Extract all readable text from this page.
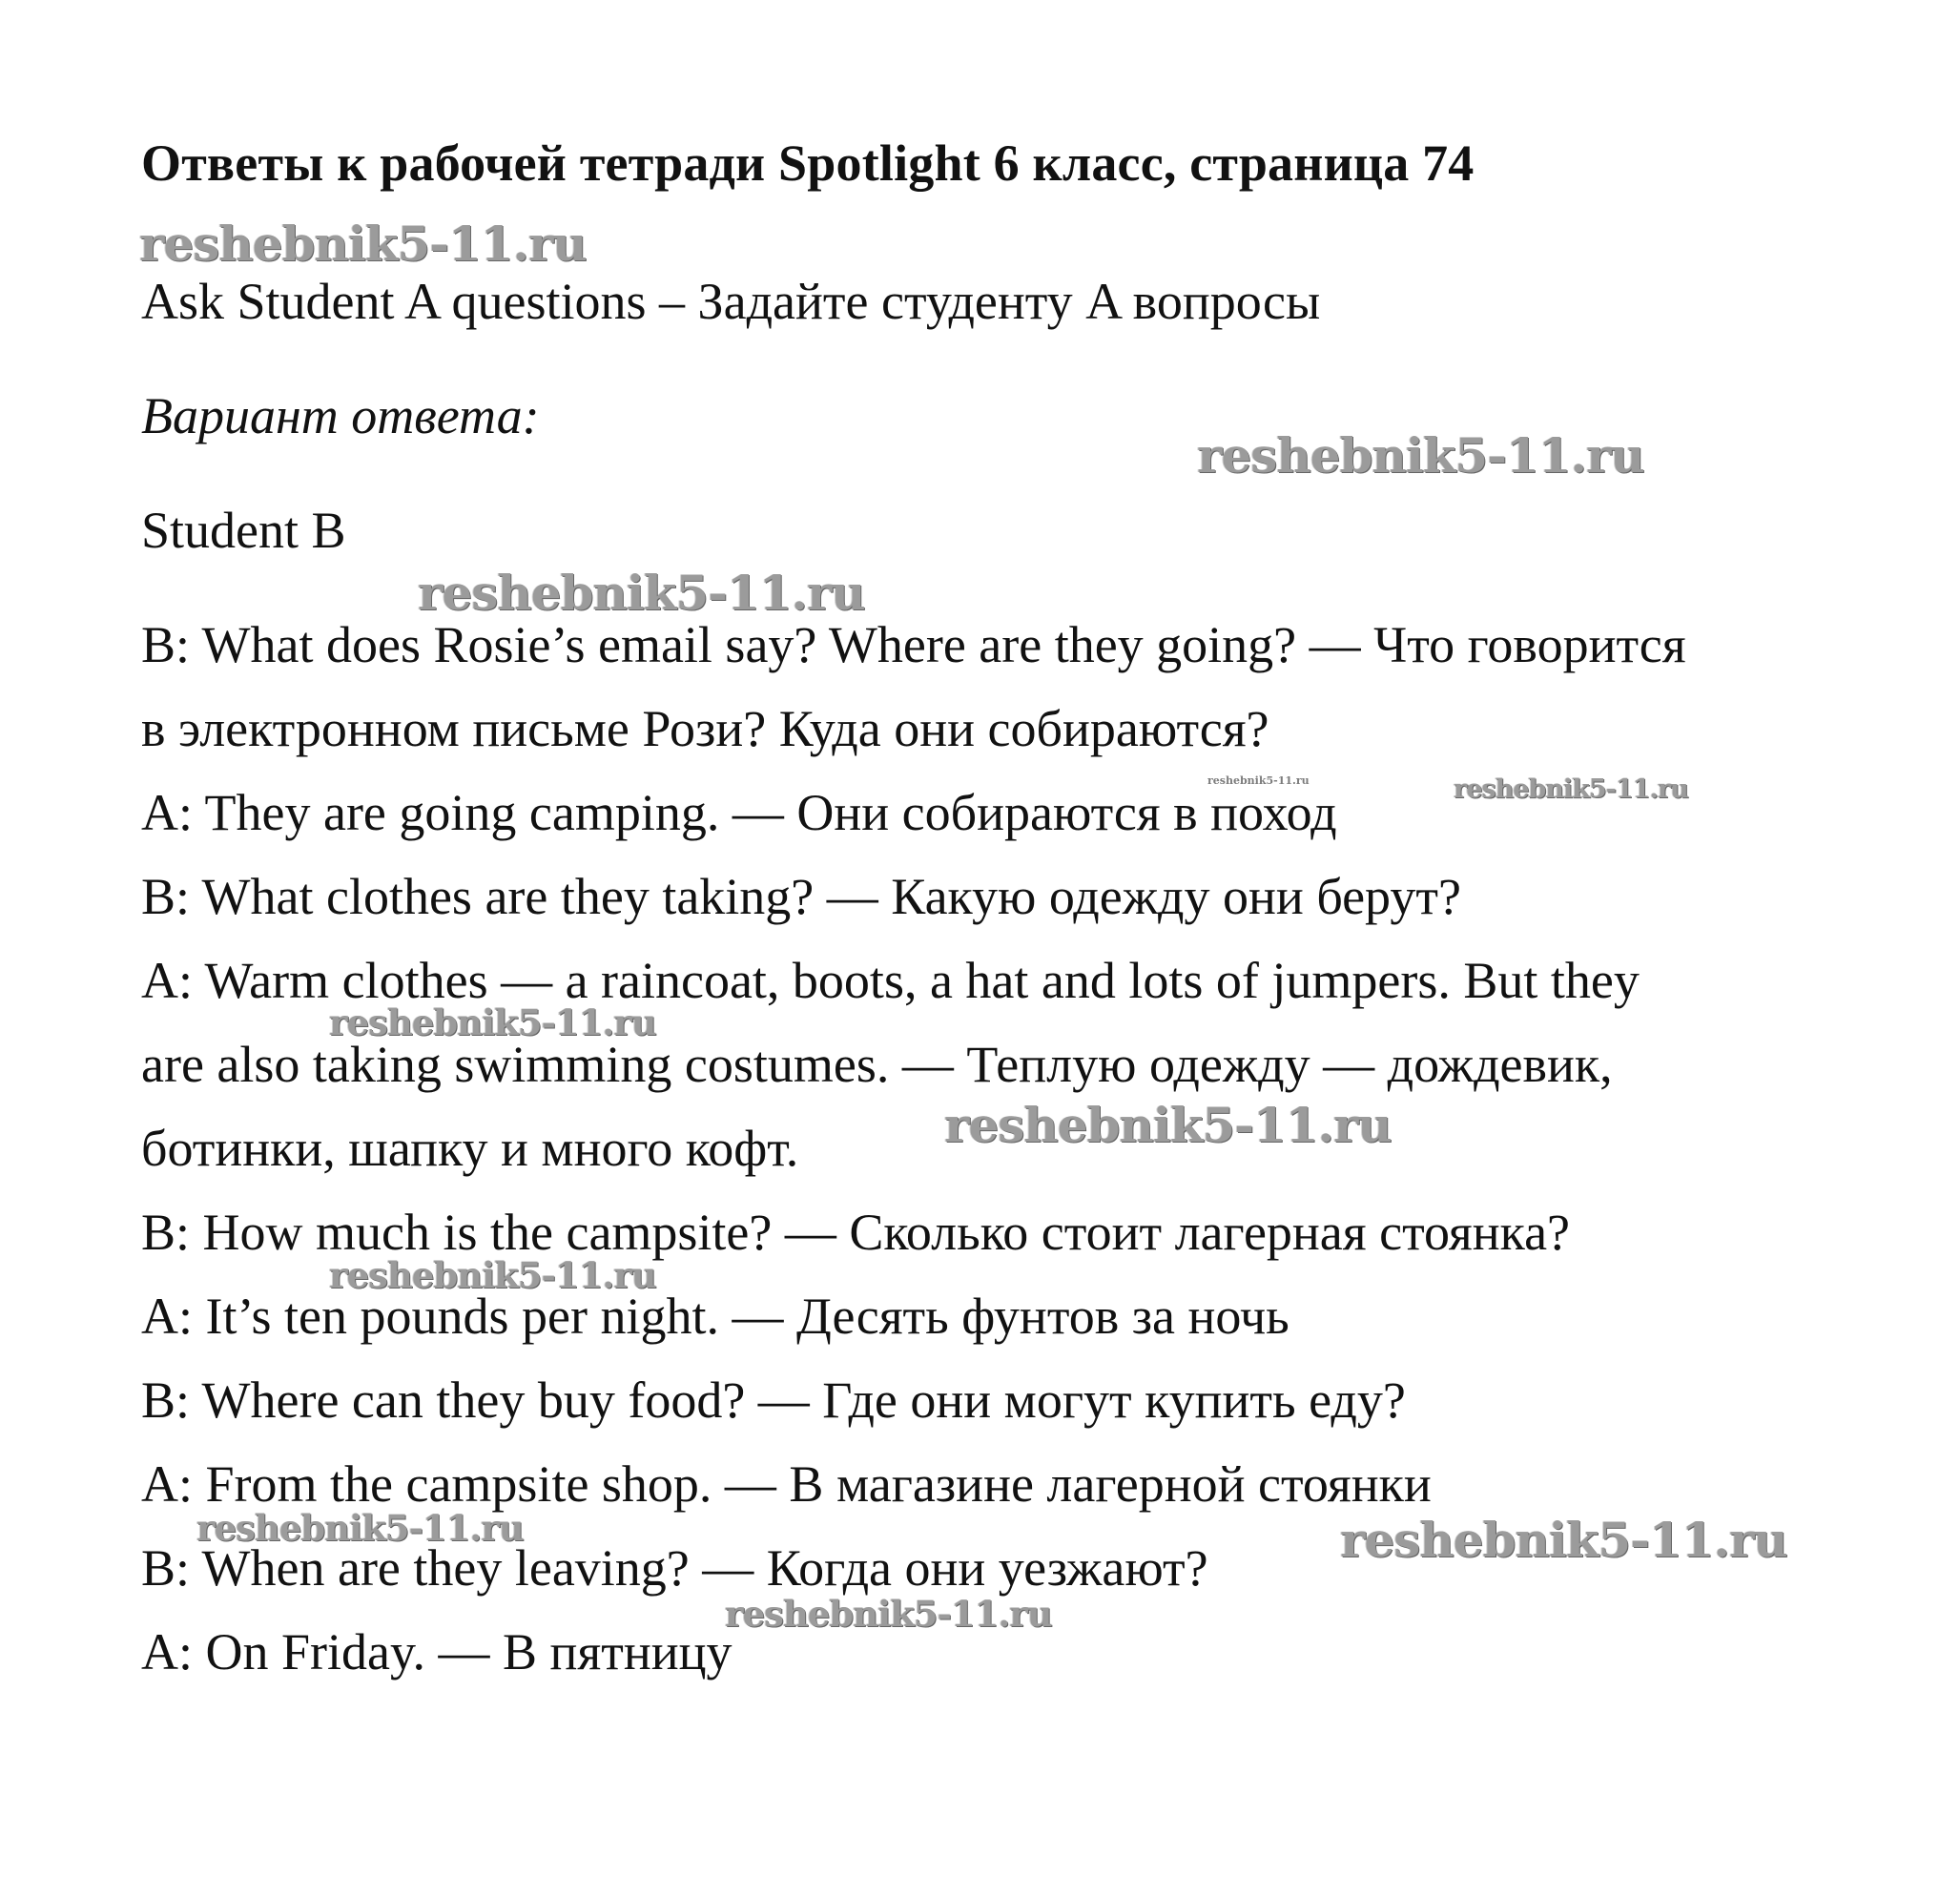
Ответы к рабочей тетради Spotlight 6 класс, страница 74
Ask Student A questions – Задайте студенту A вопросы
Вариант ответа:
Student B
B: What does Rosie’s email say? Where are they going? — Что говорится
в электронном письме Рози? Куда они собираются?
A: They are going camping. — Они собираются в поход
B: What clothes are they taking? — Какую одежду они берут?
A: Warm clothes — a raincoat, boots, a hat and lots of jumpers. But they
are also taking swimming costumes. — Теплую одежду — дождевик,
ботинки, шапку и много кофт.
B: How much is the campsite? — Сколько стоит лагерная стоянка?
A: It’s ten pounds per night. — Десять фунтов за ночь
B: Where can they buy food? — Где они могут купить еду?
A: From the campsite shop. — В магазине лагерной стоянки
B: When are they leaving? — Когда они уезжают?
A: On Friday. — В пятницу
reshebnik5-11.ru
reshebnik5-11.ru
reshebnik5-11.ru
reshebnik5-11.ru	reshebnik5-11.ru
reshebnik5-11.ru
reshebnik5-11.ru
reshebnik5-11.ru
reshebnik5-11.ru	reshebnik5-11.ru
reshebnik5-11.ru
